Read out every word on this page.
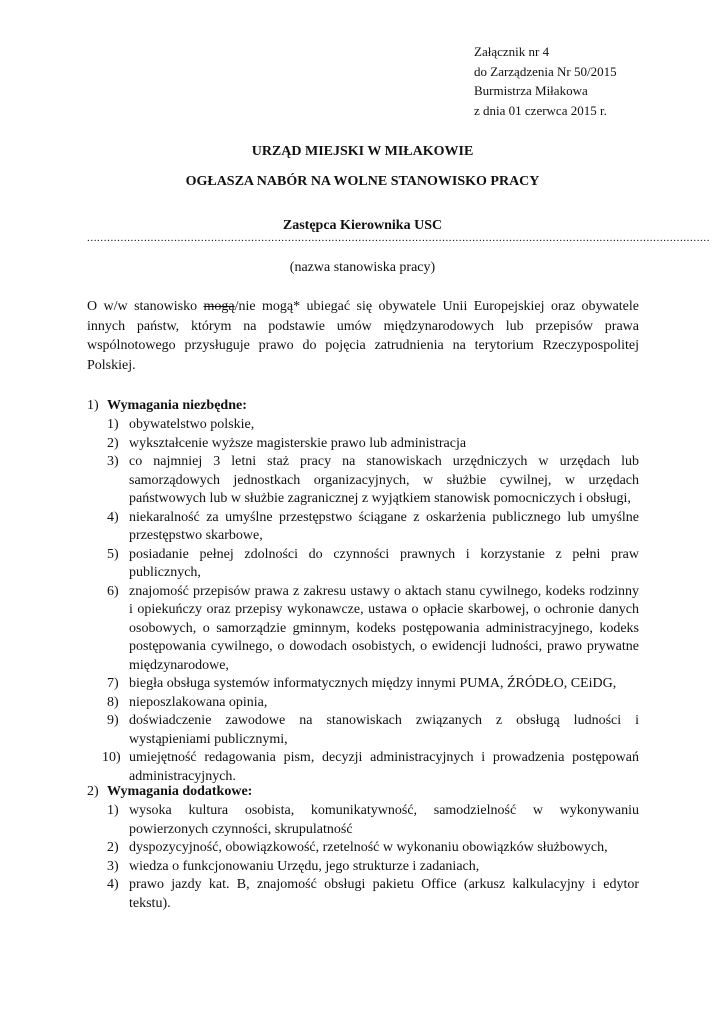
Załącznik nr 4
do Zarządzenia Nr 50/2015
Burmistrza Miłakowa
z dnia 01 czerwca 2015 r.
URZĄD MIEJSKI W MIŁAKOWIE
OGŁASZA NABÓR NA WOLNE STANOWISKO PRACY
Zastępca Kierownika USC
..........................................................................................................................................................................................
(nazwa stanowiska pracy)
O w/w stanowisko mogą/nie mogą* ubiegać się obywatele Unii Europejskiej oraz obywatele innych państw, którym na podstawie umów międzynarodowych lub przepisów prawa wspólnotowego przysługuje prawo do pojęcia zatrudnienia na terytorium Rzeczypospolitej Polskiej.
1) Wymagania niezbędne:
1) obywatelstwo polskie,
2) wykształcenie wyższe magisterskie prawo lub administracja
3) co najmniej 3 letni staż pracy na stanowiskach urzędniczych w urzędach lub samorządowych jednostkach organizacyjnych, w służbie cywilnej, w urzędach państwowych lub w służbie zagranicznej z wyjątkiem stanowisk pomocniczych i obsługi,
4) niekaralność za umyślne przestępstwo ściągane z oskarżenia publicznego lub umyślne przestępstwo skarbowe,
5) posiadanie pełnej zdolności do czynności prawnych i korzystanie z pełni praw publicznych,
6) znajomość przepisów prawa z zakresu ustawy o aktach stanu cywilnego, kodeks rodzinny i opiekuńczy oraz przepisy wykonawcze, ustawa o opłacie skarbowej, o ochronie danych osobowych, o samorządzie gminnym, kodeks postępowania administracyjnego, kodeks postępowania cywilnego, o dowodach osobistych, o ewidencji ludności, prawo prywatne międzynarodowe,
7) biegła obsługa systemów informatycznych między innymi PUMA, ŹRÓDŁO, CEiDG,
8) nieposzlakowana opinia,
9) doświadczenie zawodowe na stanowiskach związanych z obsługą ludności i wystąpieniami publicznymi,
10) umiejętność redagowania pism, decyzji administracyjnych i prowadzenia postępowań administracyjnych.
2) Wymagania dodatkowe:
1) wysoka kultura osobista, komunikatywność, samodzielność w wykonywaniu powierzonych czynności, skrupulatność
2) dyspozycyjność, obowiązkowość, rzetelność w wykonaniu obowiązków służbowych,
3) wiedza o funkcjonowaniu Urzędu, jego strukturze i zadaniach,
4) prawo jazdy kat. B, znajomość obsługi pakietu Office (arkusz kalkulacyjny i edytor tekstu).
